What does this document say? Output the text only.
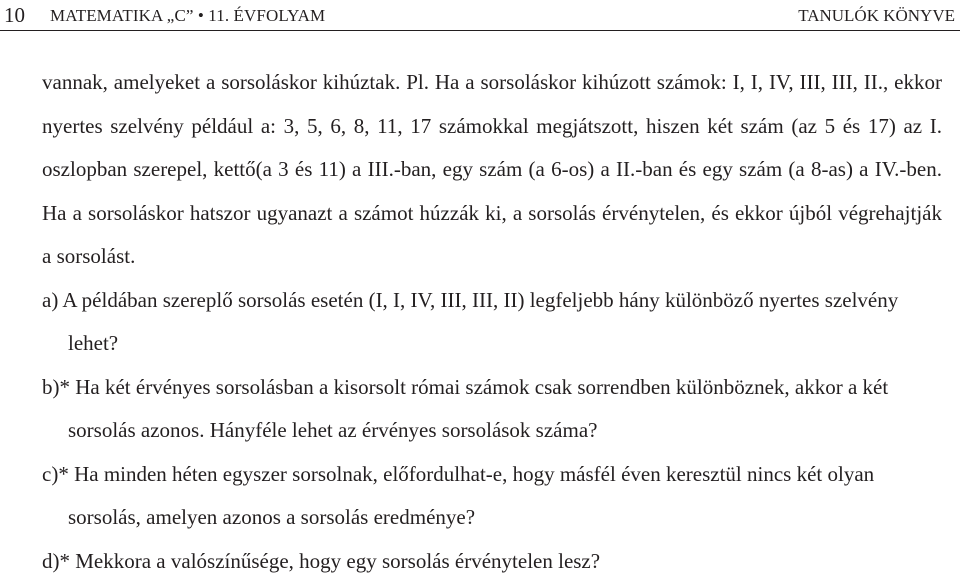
10 MATEMATIKA „C” • 11. ÉVFOLYAM	TANULÓK KÖNYVE

vannak, amelyeket a sorsoláskor kihúztak. Pl. Ha a sorsoláskor kihúzott számok: I, I, IV, III, III, II., ekkor nyertes szelvény például a: 3, 5, 6, 8, 11, 17 számokkal megjátszott, hiszen két szám (az 5 és 17) az I. oszlopban szerepel, kettő(a 3 és 11) a III.-ban, egy szám (a 6-os) a II.-ban és egy szám (a 8-as) a IV.-ben. Ha a sorsoláskor hatszor ugyanazt a számot húzzák ki, a sorsolás érvénytelen, és ekkor újból végrehajtják a sorsolást.

a) A példában szereplő sorsolás esetén (I, I, IV, III, III, II) legfeljebb hány különböző nyertes szelvény lehet?

b)* Ha két érvényes sorsolásban a kisorsolt római számok csak sorrendben különböznek, akkor a két sorsolás azonos. Hányféle lehet az érvényes sorsolások száma?

c)* Ha minden héten egyszer sorsolnak, előfordulhat-e, hogy másfél éven keresztül nincs két olyan sorsolás, amelyen azonos a sorsolás eredménye?

d)* Mekkora a valószínűsége, hogy egy sorsolás érvénytelen lesz?
